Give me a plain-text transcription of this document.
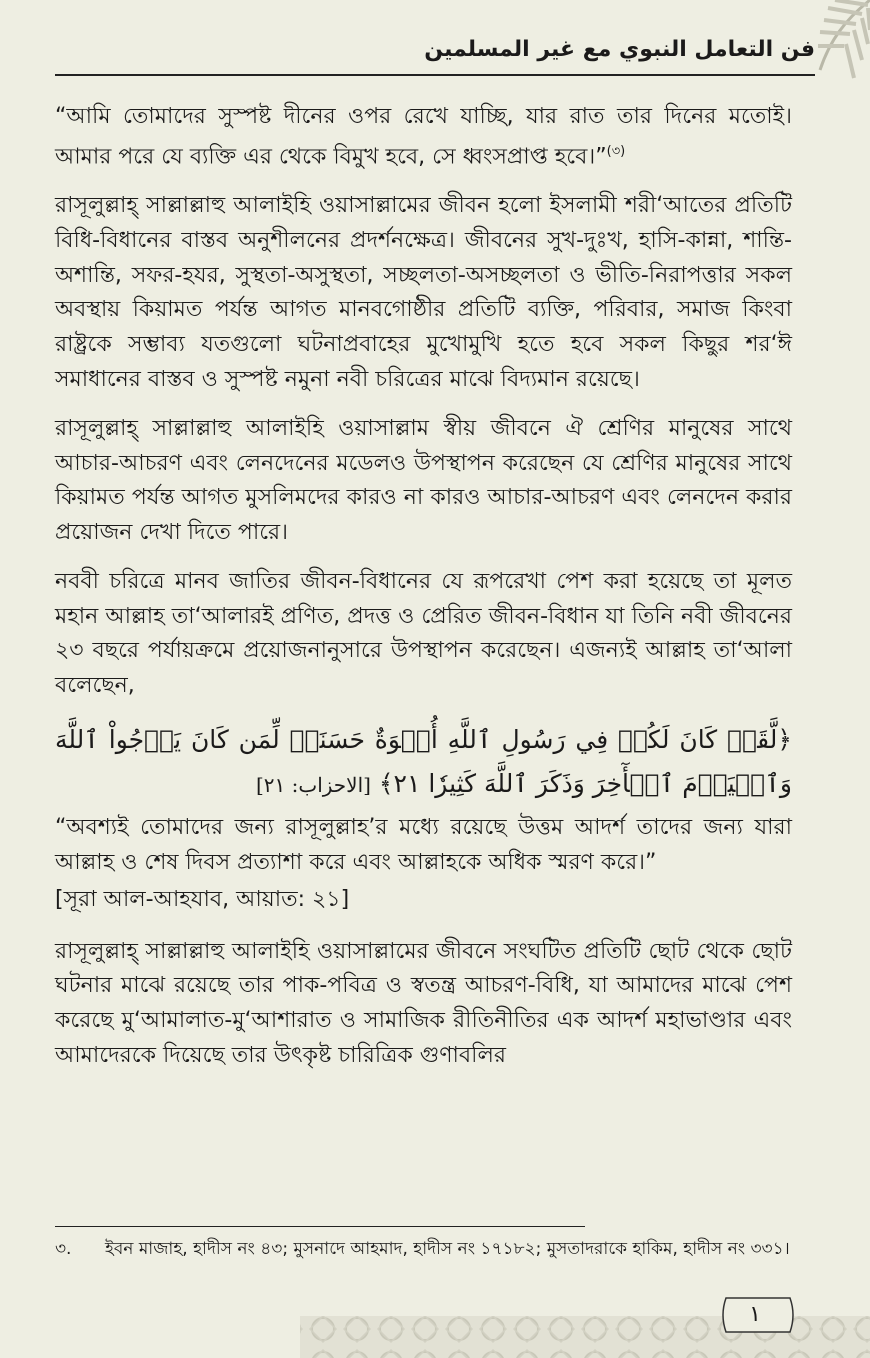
فن التعامل النبوي مع غير المسلمين

“আমি তোমাদের সুস্পষ্ট দীনের ওপর রেখে যাচ্ছি, যার রাত তার দিনের মতোই। আমার পরে যে ব্যক্তি এর থেকে বিমুখ হবে, সে ধ্বংসপ্রাপ্ত হবে।”$^{(৩)}$

রাসূলুল্লাহ্‌ সাল্লাল্লাহু আলাইহি ওয়াসাল্লামের জীবন হলো ইসলামী শরী‘আতের প্রতিটি বিধি-বিধানের বাস্তব অনুশীলনের প্রদর্শনক্ষেত্র। জীবনের সুখ-দুঃখ, হাসি-কান্না, শান্তি-অশান্তি, সফর-হযর, সুস্থতা-অসুস্থতা, সচ্ছলতা-অসচ্ছলতা ও ভীতি-নিরাপত্তার সকল অবস্থায় কিয়ামত পর্যন্ত আগত মানবগোষ্ঠীর প্রতিটি ব্যক্তি, পরিবার, সমাজ কিংবা রাষ্ট্রকে সম্ভাব্য যতগুলো ঘটনাপ্রবাহের মুখোমুখি হতে হবে সকল কিছুর শর‘ঈ সমাধানের বাস্তব ও সুস্পষ্ট নমুনা নবী চরিত্রের মাঝে বিদ্যমান রয়েছে।

রাসূলুল্লাহ্‌ সাল্লাল্লাহু আলাইহি ওয়াসাল্লাম স্বীয় জীবনে ঐ শ্রেণির মানুষের সাথে আচার-আচরণ এবং লেনদেনের মডেলও উপস্থাপন করেছেন যে শ্রেণির মানুষের সাথে কিয়ামত পর্যন্ত আগত মুসলিমদের কারও না কারও আচার-আচরণ এবং লেনদেন করার প্রয়োজন দেখা দিতে পারে।

নববী চরিত্রে মানব জাতির জীবন-বিধানের যে রূপরেখা পেশ করা হয়েছে তা মূলত মহান আল্লাহ তা‘আলারই প্রণিত, প্রদত্ত ও প্রেরিত জীবন-বিধান যা তিনি নবী জীবনের ২৩ বছরে পর্যায়ক্রমে প্রয়োজনানুসারে উপস্থাপন করেছেন। এজন্যই আল্লাহ তা‘আলা বলেছেন,

﴿لَّقَدۡ كَانَ لَكُمۡ فِي رَسُولِ ٱللَّهِ أُسۡوَةٌ حَسَنَةٞ لِّمَن كَانَ يَرۡجُواْ ٱللَّهَ وَٱلۡيَوۡمَ ٱلۡأٓخِرَ وَذَكَرَ ٱللَّهَ كَثِيرٗا ٢١﴾ [الاحزاب: ٢١]

“অবশ্যই তোমাদের জন্য রাসূলুল্লাহ’র মধ্যে রয়েছে উত্তম আদর্শ তাদের জন্য যারা আল্লাহ ও শেষ দিবস প্রত্যাশা করে এবং আল্লাহকে অধিক স্মরণ করে।”

[সূরা আল-আহযাব, আয়াত: ২১]

রাসূলুল্লাহ্‌ সাল্লাল্লাহু আলাইহি ওয়াসাল্লামের জীবনে সংঘটিত প্রতিটি ছোট থেকে ছোট ঘটনার মাঝে রয়েছে তার পাক-পবিত্র ও স্বতন্ত্র আচরণ-বিধি, যা আমাদের মাঝে পেশ করেছে মু‘আমালাত-মু‘আশারাত ও সামাজিক রীতিনীতির এক আদর্শ মহাভাণ্ডার এবং আমাদেরকে দিয়েছে তার উৎকৃষ্ট চারিত্রিক গুণাবলির

৩.	ইবন মাজাহ, হাদীস নং ৪৩; মুসনাদে আহমাদ, হাদীস নং ১৭১৮২; মুসতাদরাকে হাকিম, হাদীস নং ৩৩১।
١
